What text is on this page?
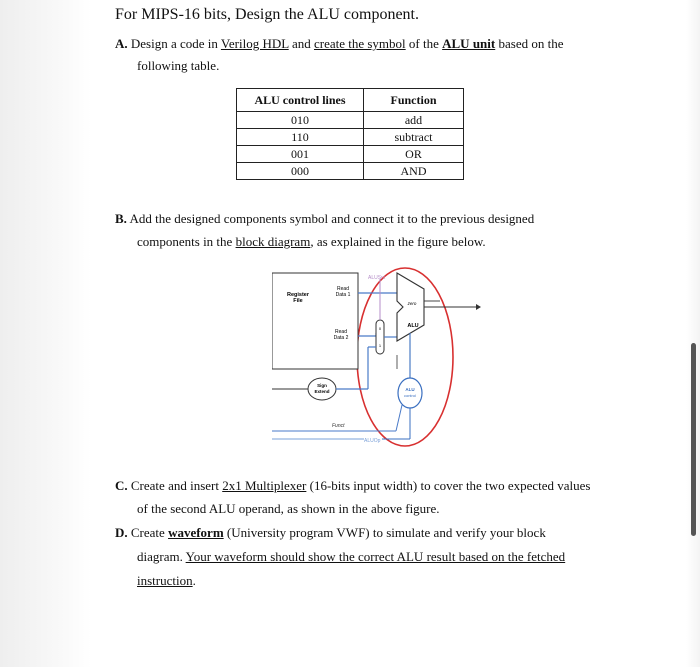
For MIPS-16 bits, Design the ALU component.
A. Design a code in Verilog HDL and create the symbol of the ALU unit based on the
following table.
ALU control lines	Function
010	add
110	subtract
001	OR
000	AND
B. Add the designed components symbol and connect it to the previous designed
components in the block diagram, as explained in the figure below.
Register
File
Read
Data 1
Read
Data 2
ALUSrc
0
1
ALU
zero
Sign
Extend	ALU
control
Funct
ALUOp
C. Create and insert 2x1 Multiplexer (16-bits input width) to cover the two expected values
of the second ALU operand, as shown in the above figure.
D. Create waveform (University program VWF) to simulate and verify your block
diagram. Your waveform should show the correct ALU result based on the fetched
instruction.
